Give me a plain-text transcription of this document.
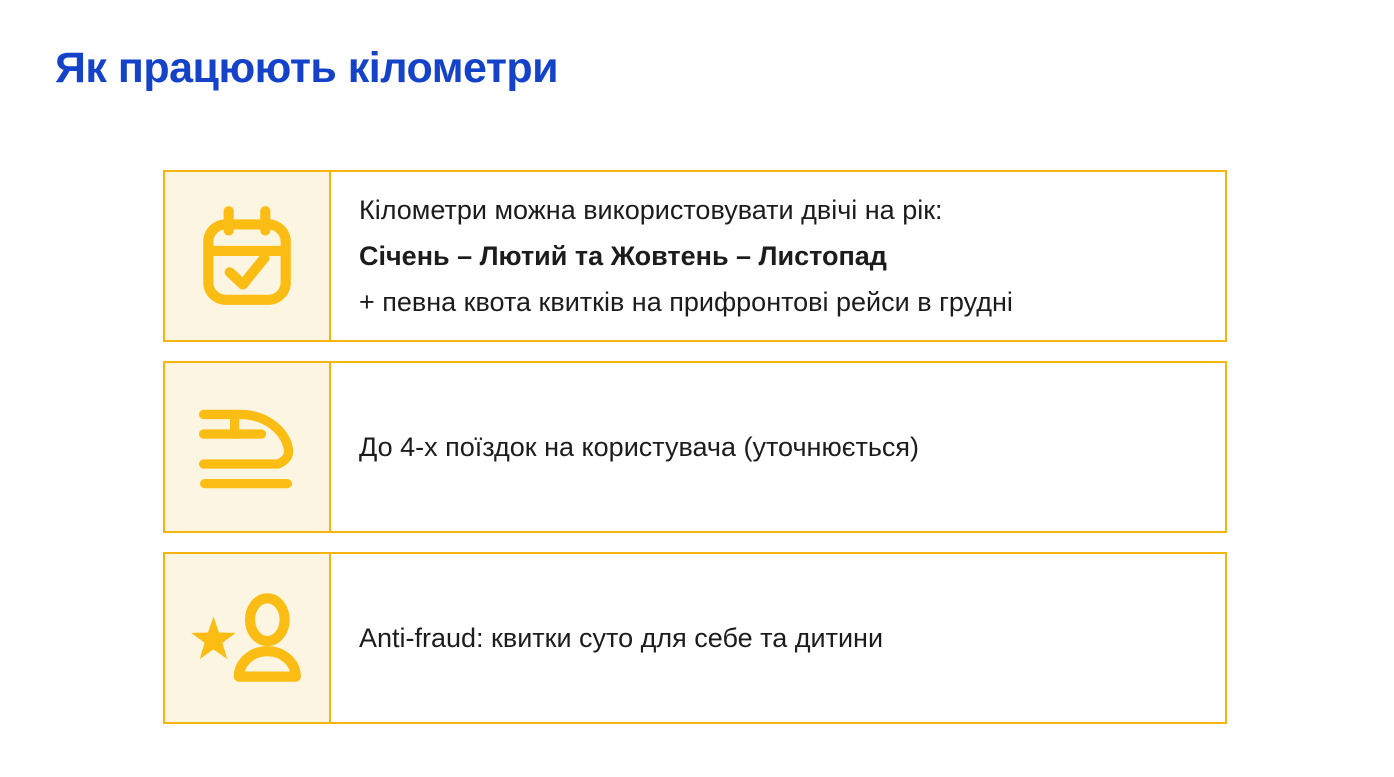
Як працюють кілометри

Кілометри можна використовувати двічі на рік:

Січень – Лютий та Жовтень – Листопад

+ певна квота квитків на прифронтові рейси в грудні

До 4-х поїздок на користувача (уточнюється)

Anti-fraud: квитки суто для себе та дитини
